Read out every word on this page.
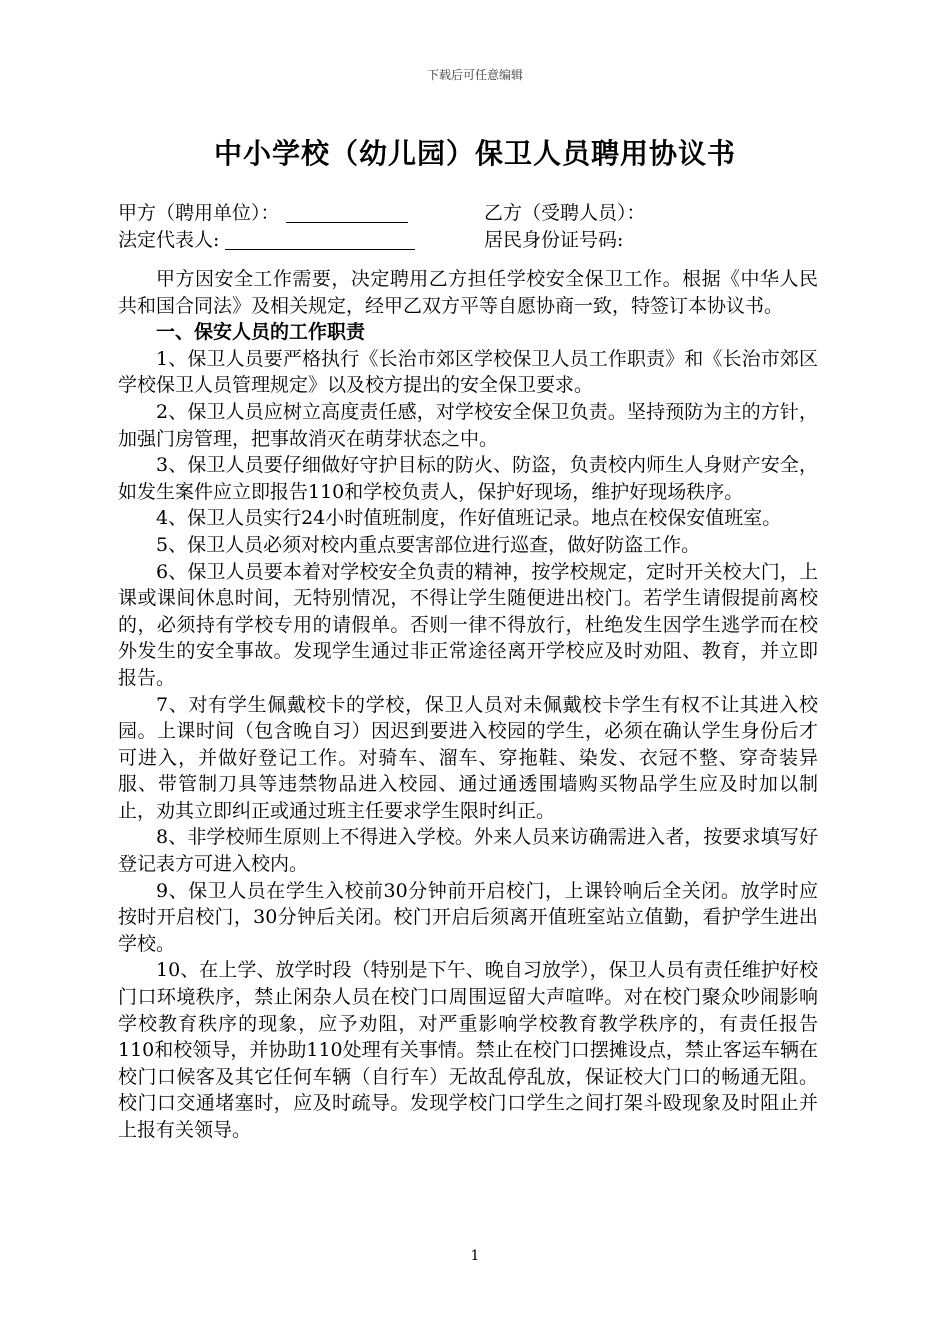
下载后可任意编辑
中小学校（幼儿园）保卫人员聘用协议书
甲方（聘用单位）：	乙方（受聘人员）：
法定代表人:	居民身份证号码:

甲方因安全工作需要，决定聘用乙方担任学校安全保卫工作。根据《中华人民共和国合同法》及相关规定，经甲乙双方平等自愿协商一致，特签订本协议书。

一、保安人员的工作职责

1、保卫人员要严格执行《长治市郊区学校保卫人员工作职责》和《长治市郊区学校保卫人员管理规定》以及校方提出的安全保卫要求。

2、保卫人员应树立高度责任感，对学校安全保卫负责。坚持预防为主的方针，加强门房管理，把事故消灭在萌芽状态之中。

3、保卫人员要仔细做好守护目标的防火、防盗，负责校内师生人身财产安全，如发生案件应立即报告110和学校负责人，保护好现场，维护好现场秩序。

4、保卫人员实行24小时值班制度，作好值班记录。地点在校保安值班室。

5、保卫人员必须对校内重点要害部位进行巡查，做好防盗工作。

6、保卫人员要本着对学校安全负责的精神，按学校规定，定时开关校大门，上课或课间休息时间，无特别情况，不得让学生随便进出校门。若学生请假提前离校的，必须持有学校专用的请假单。否则一律不得放行，杜绝发生因学生逃学而在校外发生的安全事故。发现学生通过非正常途径离开学校应及时劝阻、教育，并立即报告。

7、对有学生佩戴校卡的学校，保卫人员对未佩戴校卡学生有权不让其进入校园。上课时间（包含晚自习）因迟到要进入校园的学生，必须在确认学生身份后才可进入，并做好登记工作。对骑车、溜车、穿拖鞋、染发、衣冠不整、穿奇装异服、带管制刀具等违禁物品进入校园、通过通透围墙购买物品学生应及时加以制止，劝其立即纠正或通过班主任要求学生限时纠正。

8、非学校师生原则上不得进入学校。外来人员来访确需进入者，按要求填写好登记表方可进入校内。

9、保卫人员在学生入校前30分钟前开启校门，上课铃响后全关闭。放学时应按时开启校门，30分钟后关闭。校门开启后须离开值班室站立值勤，看护学生进出学校。

10、在上学、放学时段（特别是下午、晚自习放学），保卫人员有责任维护好校门口环境秩序，禁止闲杂人员在校门口周围逗留大声喧哗。对在校门聚众吵闹影响学校教育秩序的现象，应予劝阻，对严重影响学校教育教学秩序的，有责任报告110和校领导，并协助110处理有关事情。禁止在校门口摆摊设点，禁止客运车辆在校门口候客及其它任何车辆（自行车）无故乱停乱放，保证校大门口的畅通无阻。校门口交通堵塞时，应及时疏导。发现学校门口学生之间打架斗殴现象及时阻止并上报有关领导。

1
